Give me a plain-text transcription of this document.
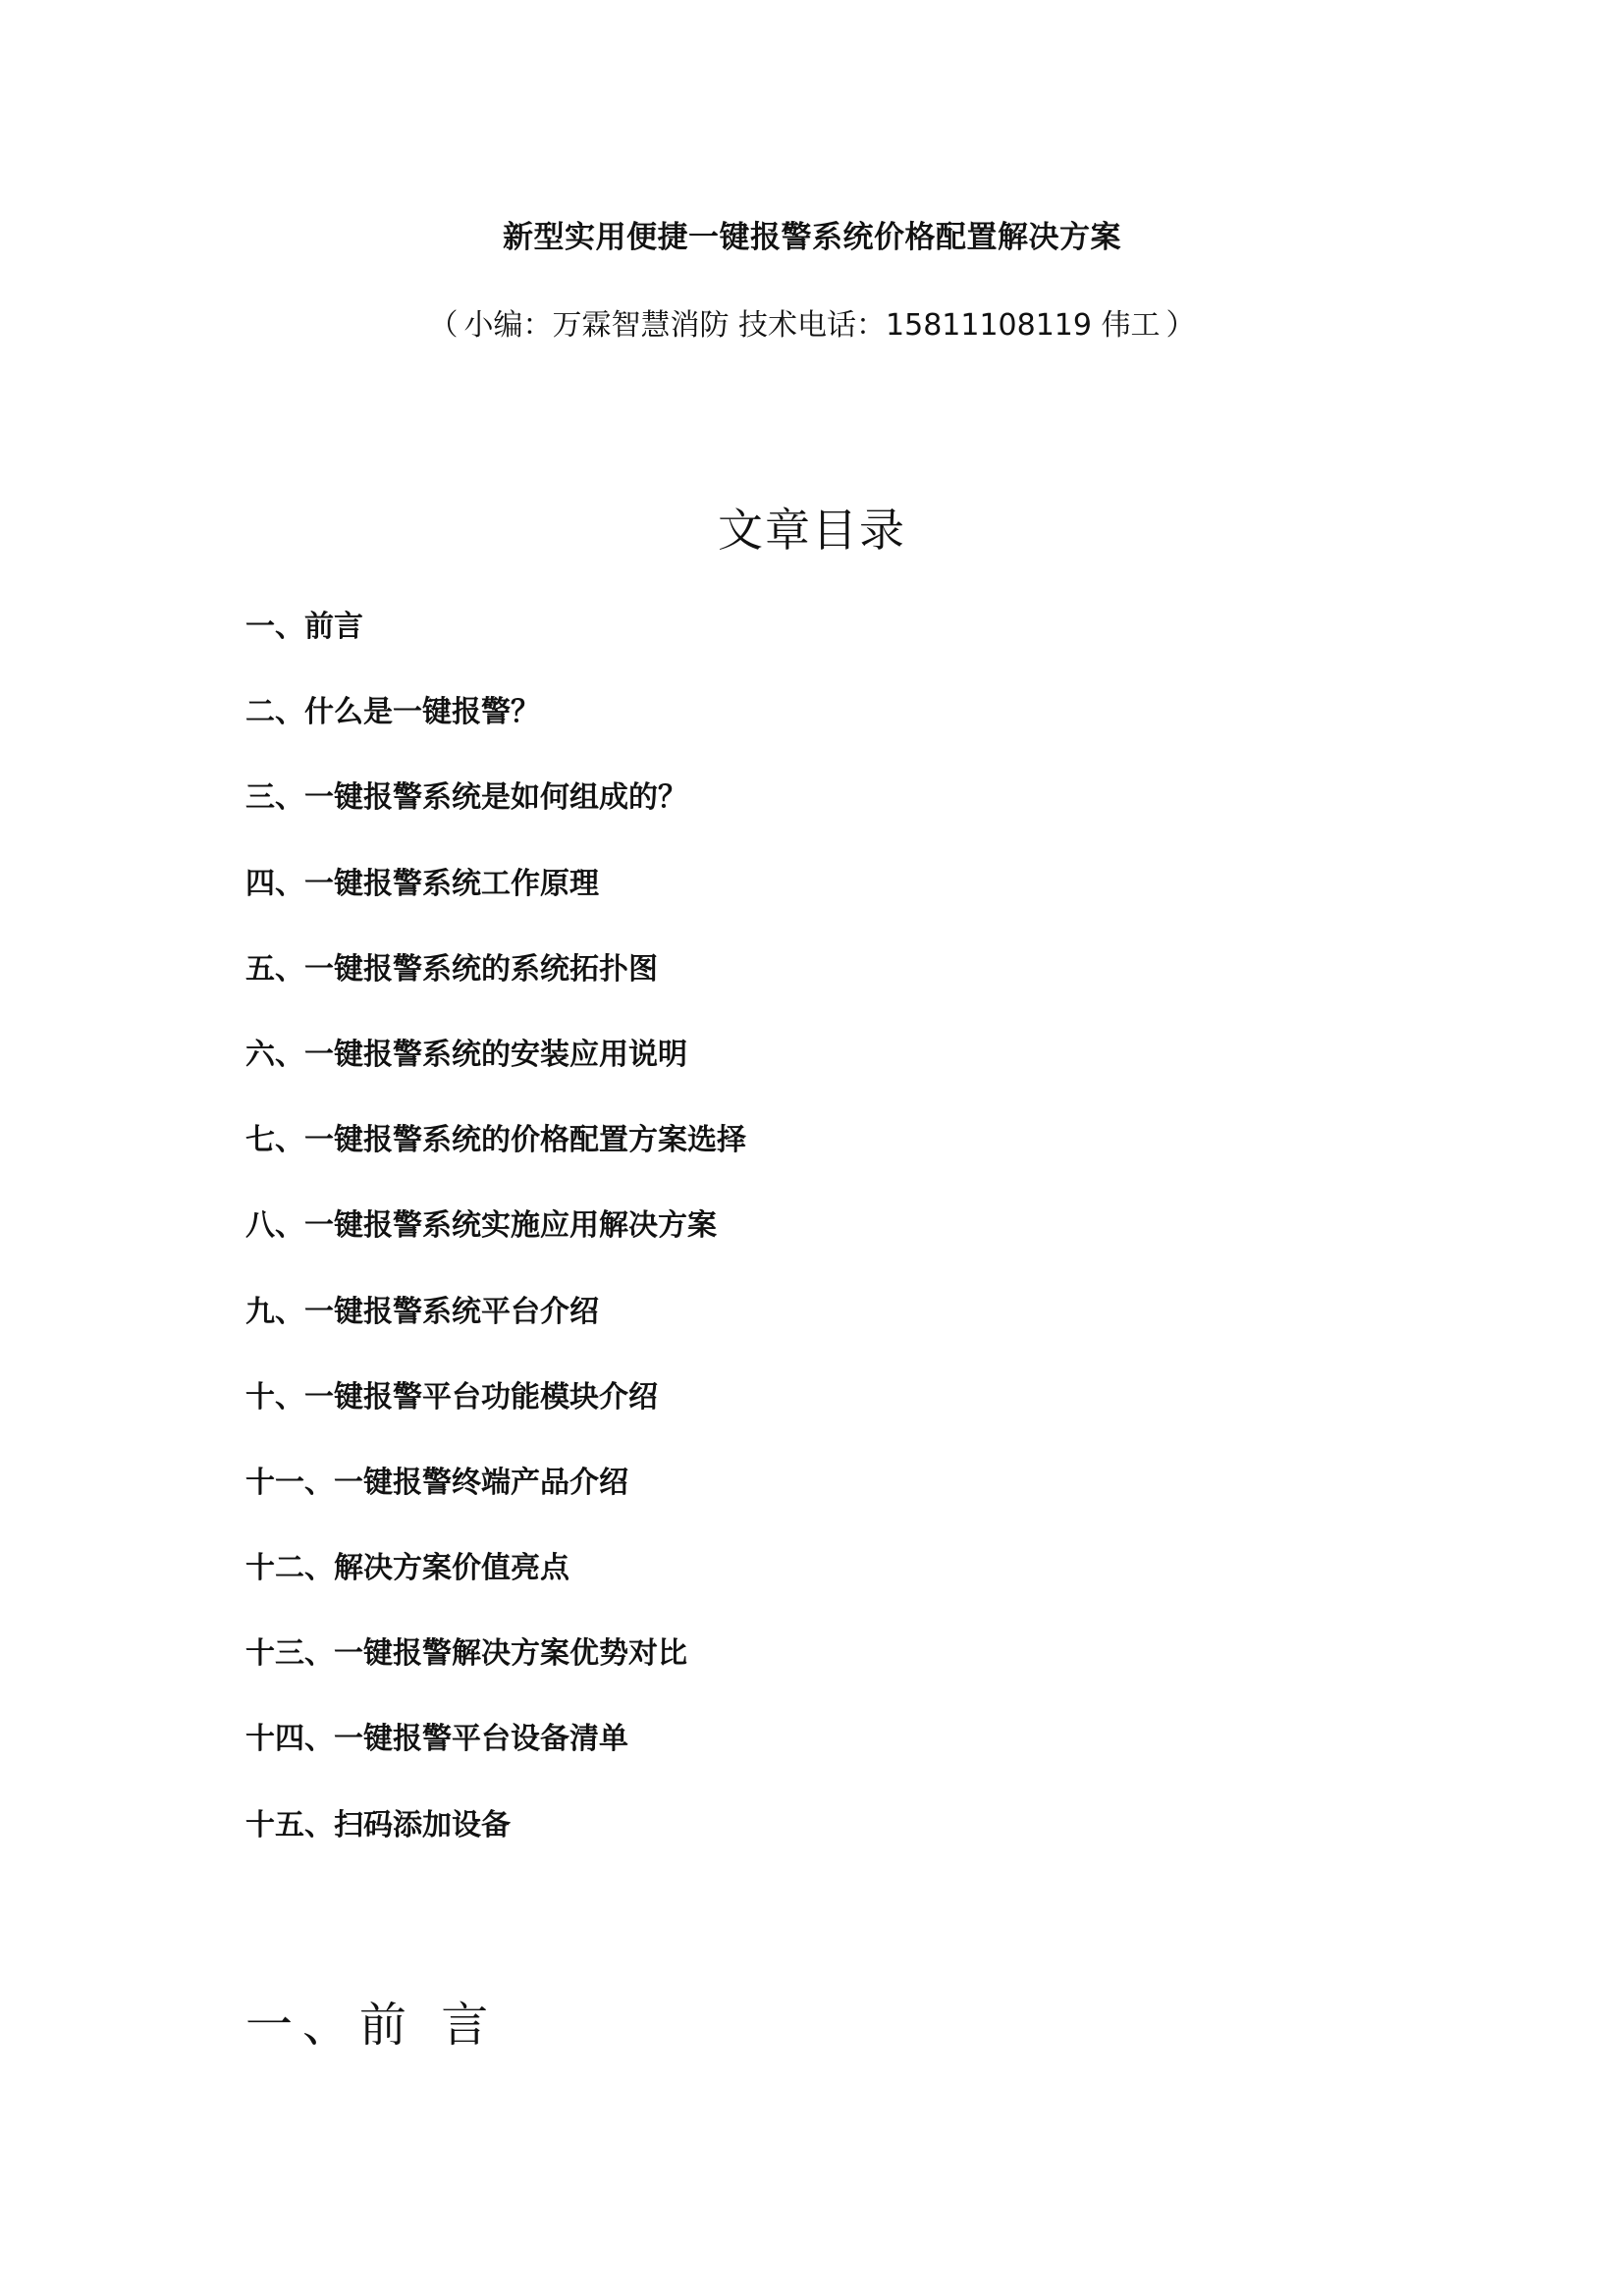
新型实用便捷一键报警系统价格配置解决方案
（ 小编：万霖智慧消防 技术电话：15811108119 伟工 ）
文章目录
一、前言
二、什么是一键报警？
三、一键报警系统是如何组成的？
四、一键报警系统工作原理
五、一键报警系统的系统拓扑图
六、一键报警系统的安装应用说明
七、一键报警系统的价格配置方案选择
八、一键报警系统实施应用解决方案
九、一键报警系统平台介绍
十、一键报警平台功能模块介绍
十一、一键报警终端产品介绍
十二、解决方案价值亮点
十三、一键报警解决方案优势对比
十四、一键报警平台设备清单
十五、扫码添加设备
一、前 言
